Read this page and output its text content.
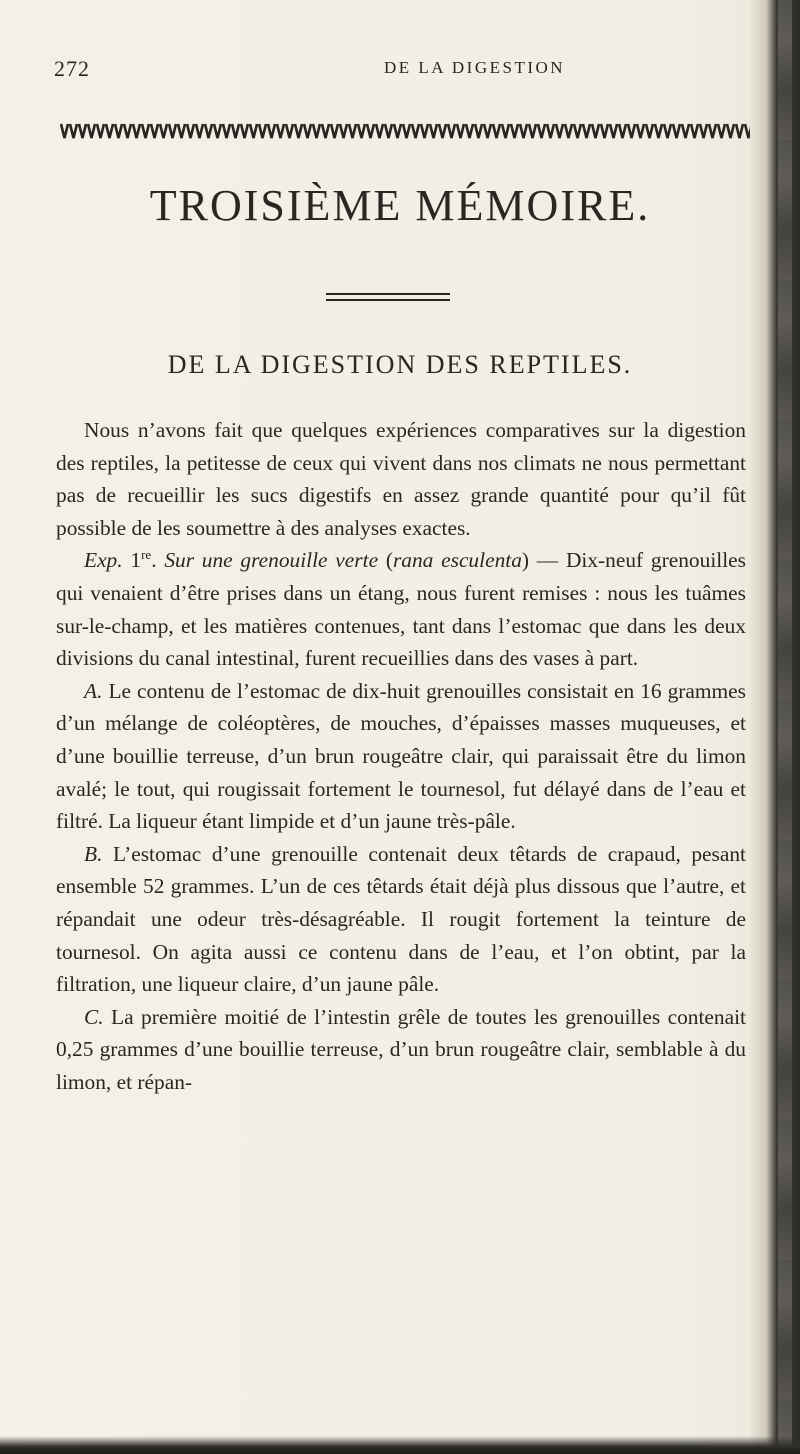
272	DE LA DIGESTION
TROISIÈME MÉMOIRE.
DE LA DIGESTION DES REPTILES.

Nous n’avons fait que quelques expériences comparatives sur la digestion des reptiles, la petitesse de ceux qui vivent dans nos climats ne nous permettant pas de recueillir les sucs digestifs en assez grande quantité pour qu’il fût possible de les soumettre à des analyses exactes.

Exp. 1re. Sur une grenouille verte (rana esculenta) — Dix-neuf grenouilles qui venaient d’être prises dans un étang, nous furent remises : nous les tuâmes sur-le-champ, et les matières contenues, tant dans l’estomac que dans les deux divisions du canal intestinal, furent recueillies dans des vases à part.

A. Le contenu de l’estomac de dix-huit grenouilles consistait en 16 grammes d’un mélange de coléoptères, de mouches, d’épaisses masses muqueuses, et d’une bouillie terreuse, d’un brun rougeâtre clair, qui paraissait être du limon avalé; le tout, qui rougissait fortement le tournesol, fut délayé dans de l’eau et filtré. La liqueur étant limpide et d’un jaune très-pâle.

B. L’estomac d’une grenouille contenait deux têtards de crapaud, pesant ensemble 52 grammes. L’un de ces têtards était déjà plus dissous que l’autre, et répandait une odeur très-désagréable. Il rougit fortement la teinture de tournesol. On agita aussi ce contenu dans de l’eau, et l’on obtint, par la filtration, une liqueur claire, d’un jaune pâle.

C. La première moitié de l’intestin grêle de toutes les grenouilles contenait 0,25 grammes d’une bouillie terreuse, d’un brun rougeâtre clair, semblable à du limon, et répan-
